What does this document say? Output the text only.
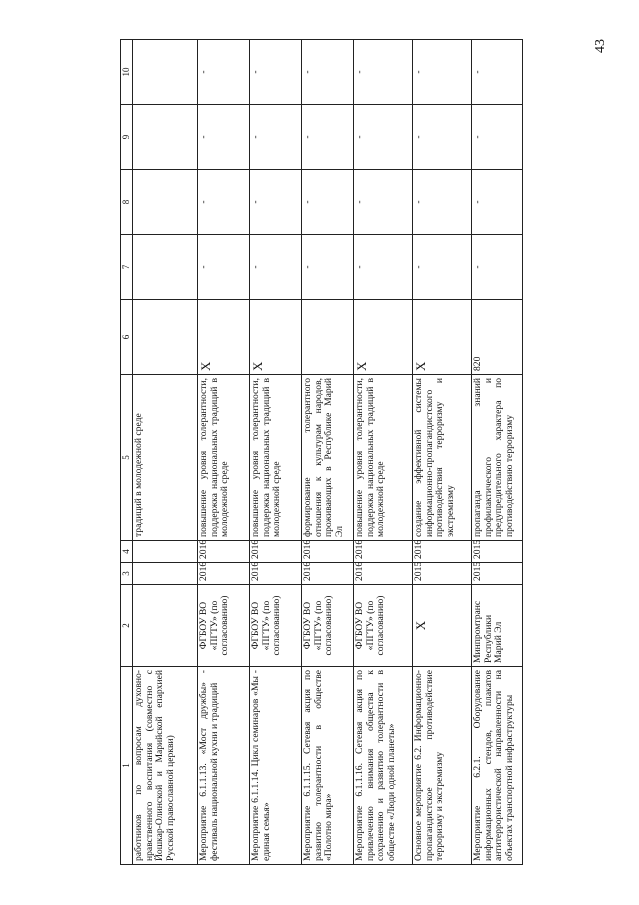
43
1	2	3	4	5	6	7	8	9	10
работников по вопросам духовно-нравственного воспитания (совместно с Йошкар-Олинской и Марийской епархией Русской православной церкви)				традиций в молодежной среде					
Мероприятие 6.1.1.13. «Мост дружбы» - фестиваль национальной кухни и традиций	ФГБОУ ВО «ПГТУ» (по согласованию)	2016	2016	повышение уровня толерантности, поддержка национальных традиций в молодежной среде	Х	-	-	-	-
Мероприятие 6.1.1.14. Цикл семинаров «Мы - единая семья»	ФГБОУ ВО «ПГТУ» (по согласованию)	2016	2016	повышение уровня толерантности, поддержка национальных традиций в молодежной среде	Х	-	-	-	-
Мероприятие 6.1.1.15. Сетевая акция по развитию толерантности в обществе «Полотно мира»	ФГБОУ ВО «ПГТУ» (по согласованию)	2016	2016	формирование толерантного отношения к культурам народов, проживающих в Республике Марий Эл		-	-	-	-
Мероприятие 6.1.1.16. Сетевая акция по привлечению внимания общества к сохранению и развитию толерантности в обществе «Люди одной планеты»	ФГБОУ ВО «ПГТУ» (по согласованию)	2016	2016	повышение уровня толерантности, поддержка национальных традиций в молодежной среде	Х	-	-	-	-
Основное мероприятие 6.2. Информационно-пропагандистское противодействие терроризму и экстремизму	Х	2015	2016	создание эффективной системы информационно-пропагандистского противодействия терроризму и экстремизму	Х	-	-	-	-
Мероприятие 6.2.1. Оборудование информационных стендов, плакатов антитеррористической направленности на объектах транспортной инфраструктуры	Минпромтранс Республики Марий Эл	2015	2015	пропаганда знаний профилактического и предупредительного характера по противодействию терроризму	820	-	-	-	-
